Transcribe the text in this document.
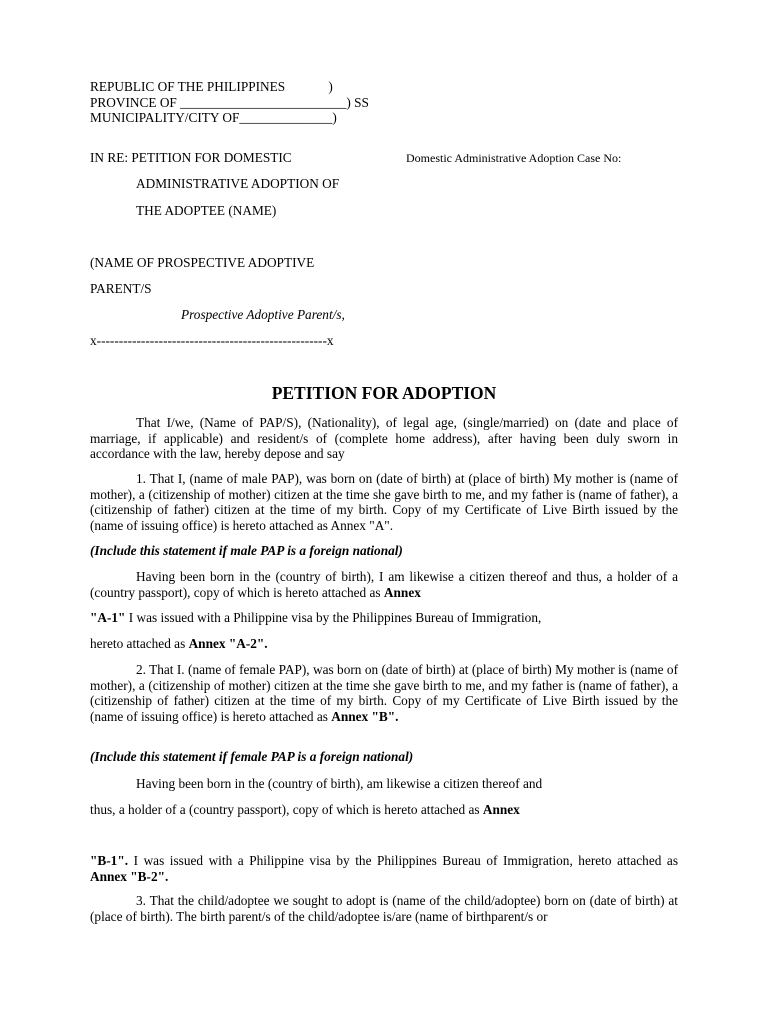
REPUBLIC OF THE PHILIPPINES             )
PROVINCE OF _________________________) SS
MUNICIPALITY/CITY OF______________)
IN RE: PETITION FOR DOMESTIC	Domestic Administrative Adoption Case No:
ADMINISTRATIVE ADOPTION OF
THE ADOPTEE (NAME)
(NAME OF PROSPECTIVE ADOPTIVE
PARENT/S
Prospective Adoptive Parent/s,
x----------------------------------------------------x
PETITION FOR ADOPTION
That I/we, (Name of PAP/S), (Nationality), of legal age, (single/married) on (date and place of marriage, if applicable) and resident/s of (complete home address), after having been duly sworn in accordance with the law, hereby depose and say
1. That I, (name of male PAP), was born on (date of birth) at (place of birth) My mother is (name of mother), a (citizenship of mother) citizen at the time she gave birth to me, and my father is (name of father), a (citizenship of father) citizen at the time of my birth. Copy of my Certificate of Live Birth issued by the (name of issuing office) is hereto attached as Annex "A".
(Include this statement if male PAP is a foreign national)
Having been born in the (country of birth), I am likewise a citizen thereof and thus, a holder of a (country passport), copy of which is hereto attached as Annex
"A-1" I was issued with a Philippine visa by the Philippines Bureau of Immigration,
hereto attached as Annex "A-2".
2. That I. (name of female PAP), was born on (date of birth) at (place of birth) My mother is (name of mother), a (citizenship of mother) citizen at the time she gave birth to me, and my father is (name of father), a (citizenship of father) citizen at the time of my birth. Copy of my Certificate of Live Birth issued by the (name of issuing office) is hereto attached as Annex "B".
(Include this statement if female PAP is a foreign national)
Having been born in the (country of birth), am likewise a citizen thereof and
thus, a holder of a (country passport), copy of which is hereto attached as Annex
"B-1". I was issued with a Philippine visa by the Philippines Bureau of Immigration, hereto attached as Annex "B-2".
3. That the child/adoptee we sought to adopt is (name of the child/adoptee) born on (date of birth) at (place of birth). The birth parent/s of the child/adoptee is/are (name of birthparent/s or
